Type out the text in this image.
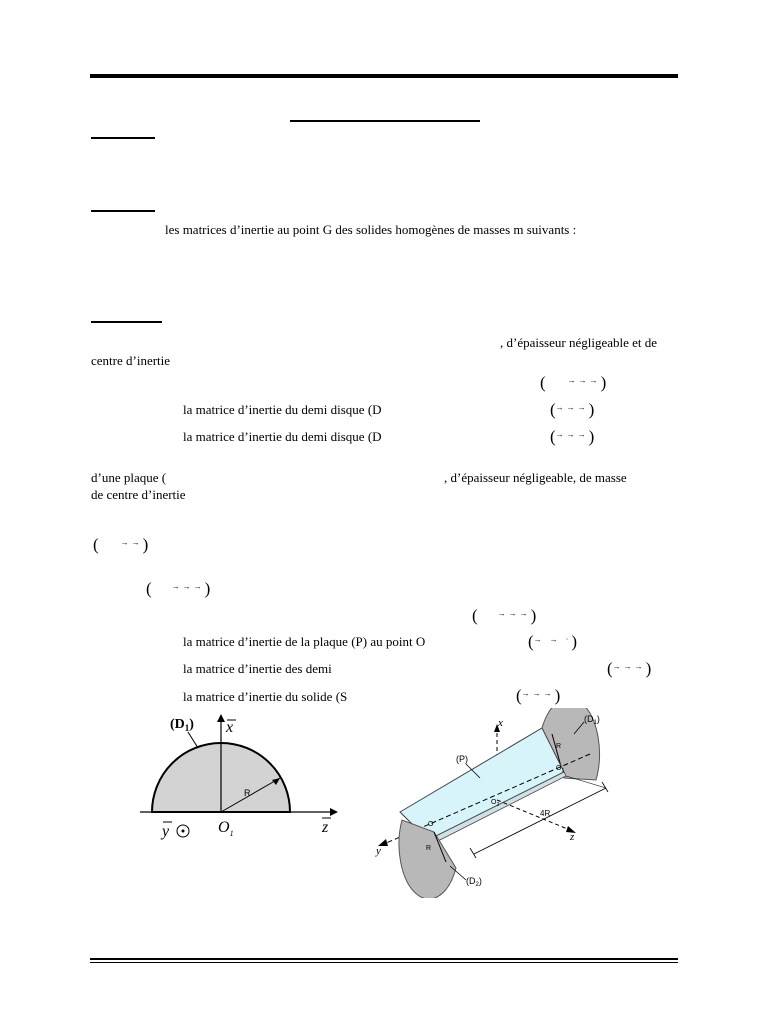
les matrices d’inertie au point G des solides homogènes de masses m suivants :
, d’épaisseur négligeable et de
centre d’inertie
(	→→→)
la matrice d’inertie du demi disque (D	(→→→)
la matrice d’inertie du demi disque (D	(→→→)
d’une plaque (	, d’épaisseur négligeable, de masse
de centre d’inertie
(	→→)
(	→→→)
(	→→→)
la matrice d’inertie de la plaque (P) au point O	(→ → ·)
la matrice d’inertie des demi	(→→→)
la matrice d’inertie du solide (S	(→→→)
$(D_1)$ x
z
R
y	$O_1$
x
R
z
y	R
4R
$O_1$
$O_2$
O
(P)
$(D_1)$
$(D_2)$
